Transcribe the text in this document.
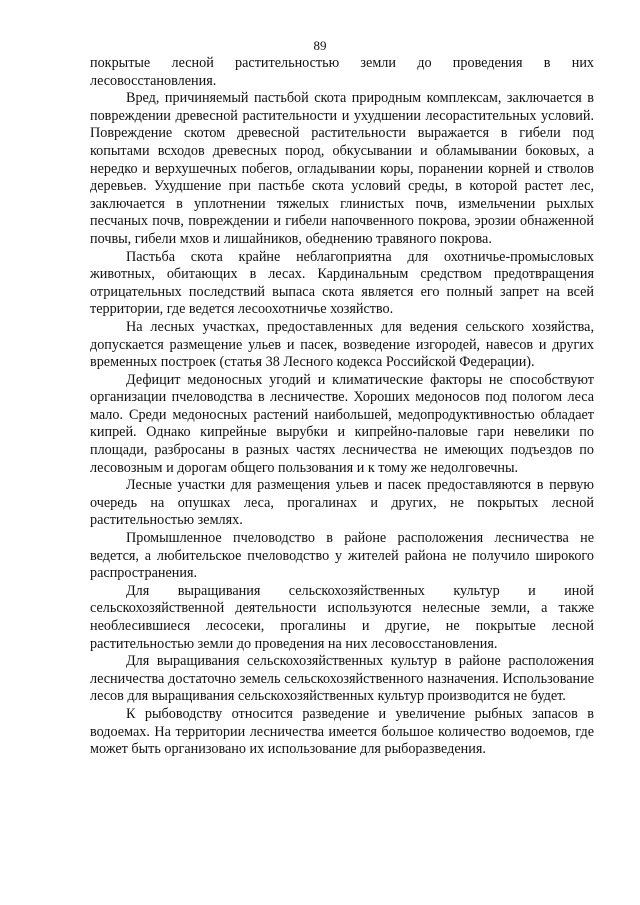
89

покрытые лесной растительностью земли до проведения в них лесовосстановления.

Вред, причиняемый пастьбой скота природным комплексам, заключается в повреждении древесной растительности и ухудшении лесорастительных условий. Повреждение скотом древесной растительности выражается в гибели под копытами всходов древесных пород, обкусывании и обламывании боковых, а нередко и верхушечных побегов, огладывании коры, поранении корней и стволов деревьев. Ухудшение при пастьбе скота условий среды, в которой растет лес, заключается в уплотнении тяжелых глинистых почв, измельчении рыхлых песчаных почв, повреждении и гибели напочвенного покрова, эрозии обнаженной почвы, гибели мхов и лишайников, обеднению травяного покрова.

Пастьба скота крайне неблагоприятна для охотничье-промысловых животных, обитающих в лесах. Кардинальным средством предотвращения отрицательных последствий выпаса скота является его полный запрет на всей территории, где ведется лесоохотничье хозяйство.

На лесных участках, предоставленных для ведения сельского хозяйства, допускается размещение ульев и пасек, возведение изгородей, навесов и других временных построек (статья 38 Лесного кодекса Российской Федерации).

Дефицит медоносных угодий и климатические факторы не способствуют организации пчеловодства в лесничестве. Хороших медоносов под пологом леса мало. Среди медоносных растений наибольшей, медопродуктивностью обладает кипрей. Однако кипрейные вырубки и кипрейно-паловые гари невелики по площади, разбросаны в разных частях лесничества не имеющих подъездов по лесовозным и дорогам общего пользования и к тому же недолговечны.

Лесные участки для размещения ульев и пасек предоставляются в первую очередь на опушках леса, прогалинах и других, не покрытых лесной растительностью землях.

Промышленное пчеловодство в районе расположения лесничества не ведется, а любительское пчеловодство у жителей района не получило широкого распространения.

Для выращивания сельскохозяйственных культур и иной сельскохозяйственной деятельности используются нелесные земли, а также необлесившиеся лесосеки, прогалины и другие, не покрытые лесной растительностью земли до проведения на них лесовосстановления.

Для выращивания сельскохозяйственных культур в районе расположения лесничества достаточно земель сельскохозяйственного назначения. Использование лесов для выращивания сельскохозяйственных культур производится не будет.

К рыбоводству относится разведение и увеличение рыбных запасов в водоемах. На территории лесничества имеется большое количество водоемов, где может быть организовано их использование для рыборазведения.
